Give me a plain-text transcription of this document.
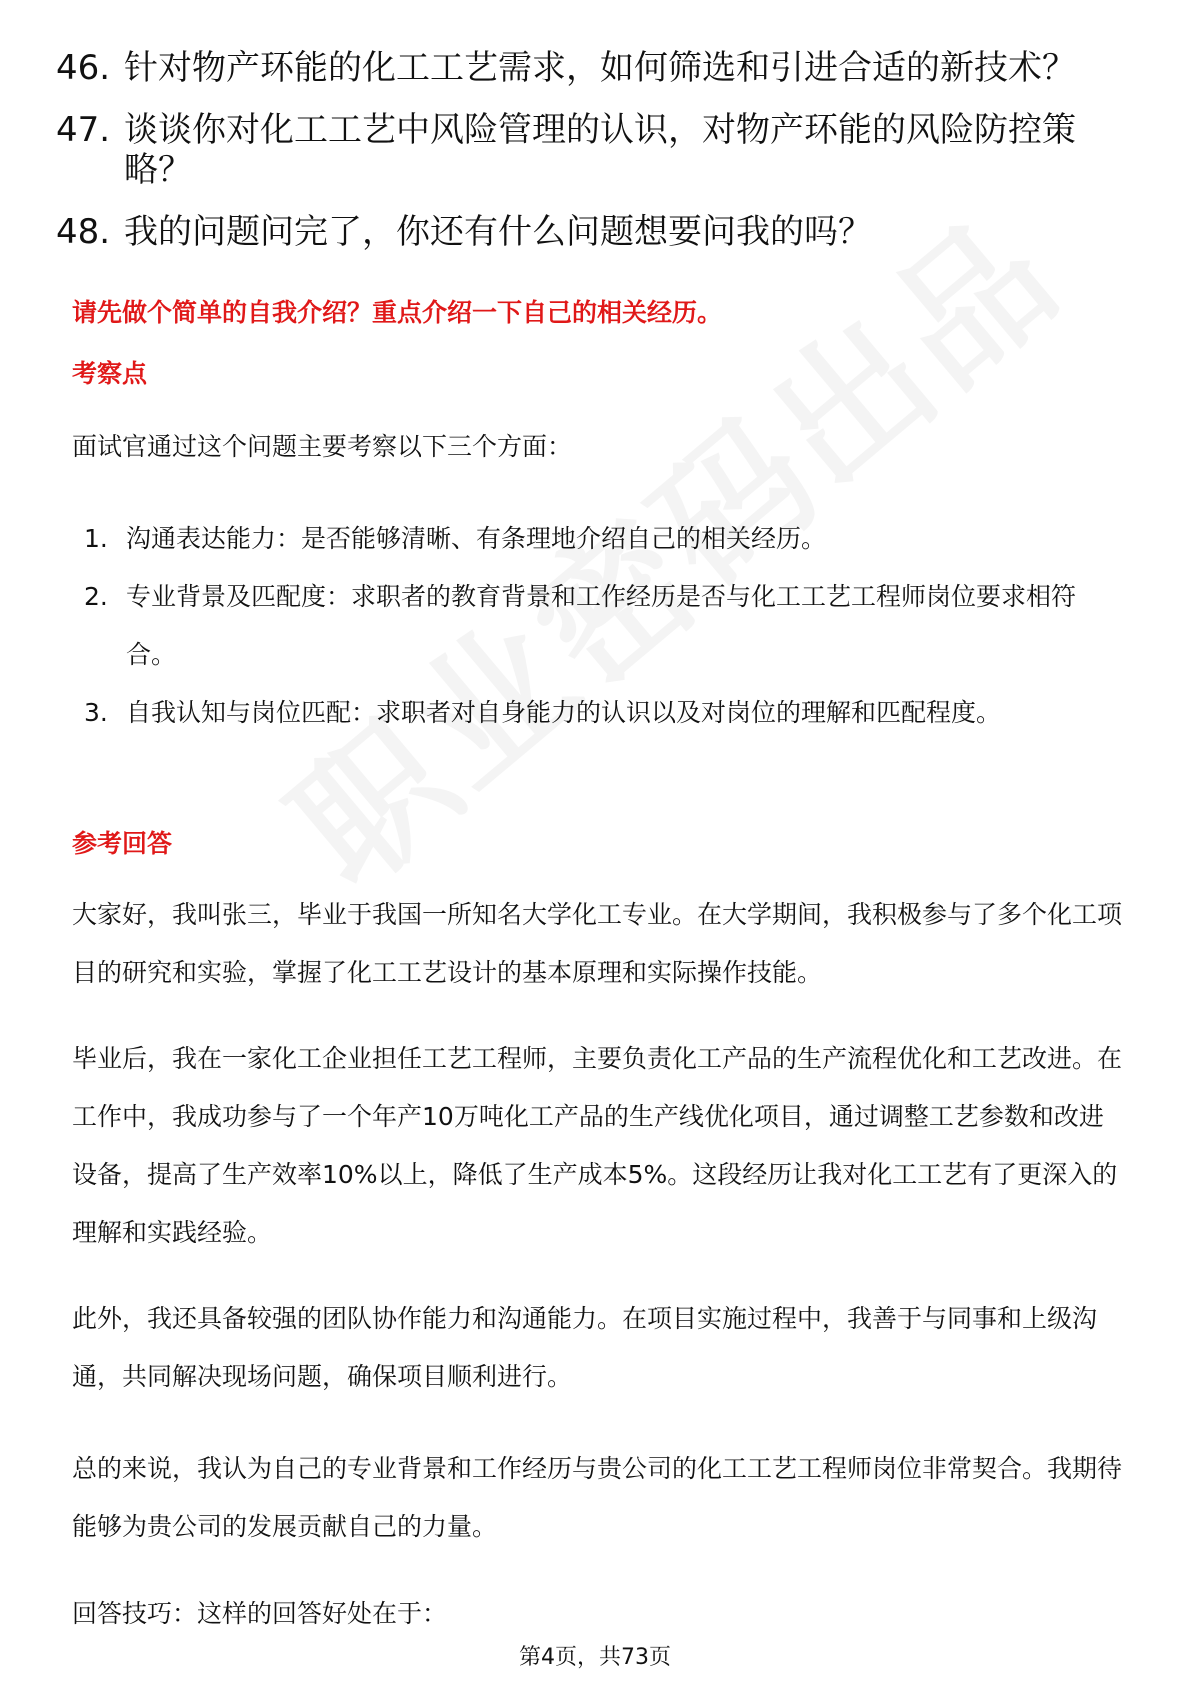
46. 针对物产环能的化工工艺需求，如何筛选和引进合适的新技术？
47. 谈谈你对化工工艺中风险管理的认识，对物产环能的风险防控策略？
48. 我的问题问完了，你还有什么问题想要问我的吗？
请先做个简单的自我介绍？重点介绍一下自己的相关经历。
考察点

面试官通过这个问题主要考察以下三个方面：

1. 沟通表达能力：是否能够清晰、有条理地介绍自己的相关经历。
2. 专业背景及匹配度：求职者的教育背景和工作经历是否与化工工艺工程师岗位要求相符合。
3. 自我认知与岗位匹配：求职者对自身能力的认识以及对岗位的理解和匹配程度。
参考回答

大家好，我叫张三，毕业于我国一所知名大学化工专业。在大学期间，我积极参与了多个化工项目的研究和实验，掌握了化工工艺设计的基本原理和实际操作技能。

毕业后，我在一家化工企业担任工艺工程师，主要负责化工产品的生产流程优化和工艺改进。在工作中，我成功参与了一个年产10万吨化工产品的生产线优化项目，通过调整工艺参数和改进设备，提高了生产效率10%以上，降低了生产成本5%。这段经历让我对化工工艺有了更深入的理解和实践经验。

此外，我还具备较强的团队协作能力和沟通能力。在项目实施过程中，我善于与同事和上级沟通，共同解决现场问题，确保项目顺利进行。

总的来说，我认为自己的专业背景和工作经历与贵公司的化工工艺工程师岗位非常契合。我期待能够为贵公司的发展贡献自己的力量。

回答技巧：这样的回答好处在于：

第4页，共73页
